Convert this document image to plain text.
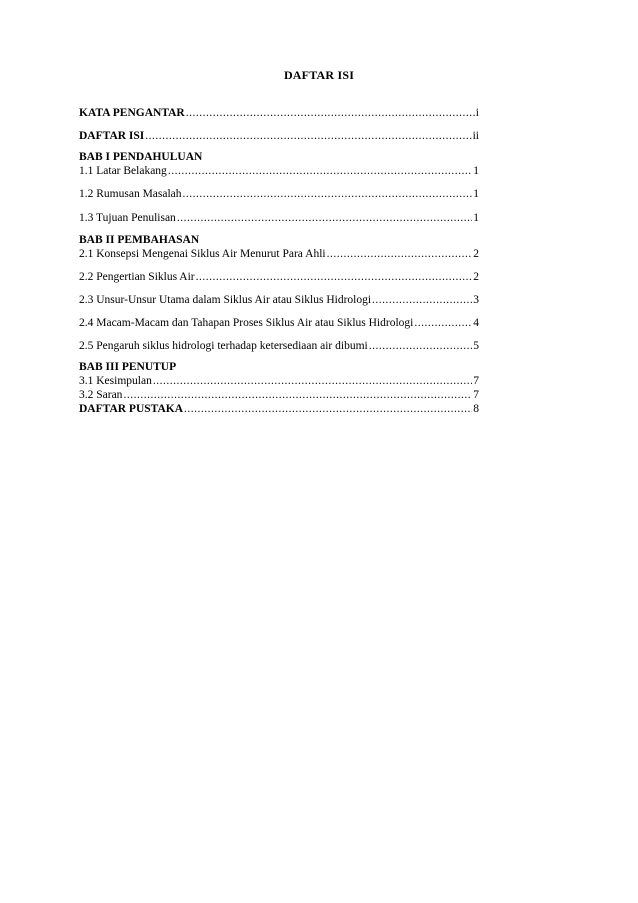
DAFTAR ISI
KATA PENGANTAR .....	i
DAFTAR ISI .....	ii
BAB I PENDAHULUAN
1.1 Latar Belakang .....	1
1.2 Rumusan Masalah .....	1
1.3 Tujuan Penulisan .....	1
BAB II PEMBAHASAN
2.1 Konsepsi Mengenai Siklus Air Menurut Para Ahli .....	2
2.2 Pengertian Siklus Air .....	2
2.3 Unsur-Unsur Utama dalam Siklus Air atau Siklus Hidrologi .....	3
2.4 Macam-Macam dan Tahapan Proses Siklus Air atau Siklus Hidrologi .....	4
2.5 Pengaruh siklus hidrologi terhadap ketersediaan air dibumi .....	5
BAB III PENUTUP
3.1 Kesimpulan .....	7
3.2 Saran .....	7
DAFTAR PUSTAKA .....	8
